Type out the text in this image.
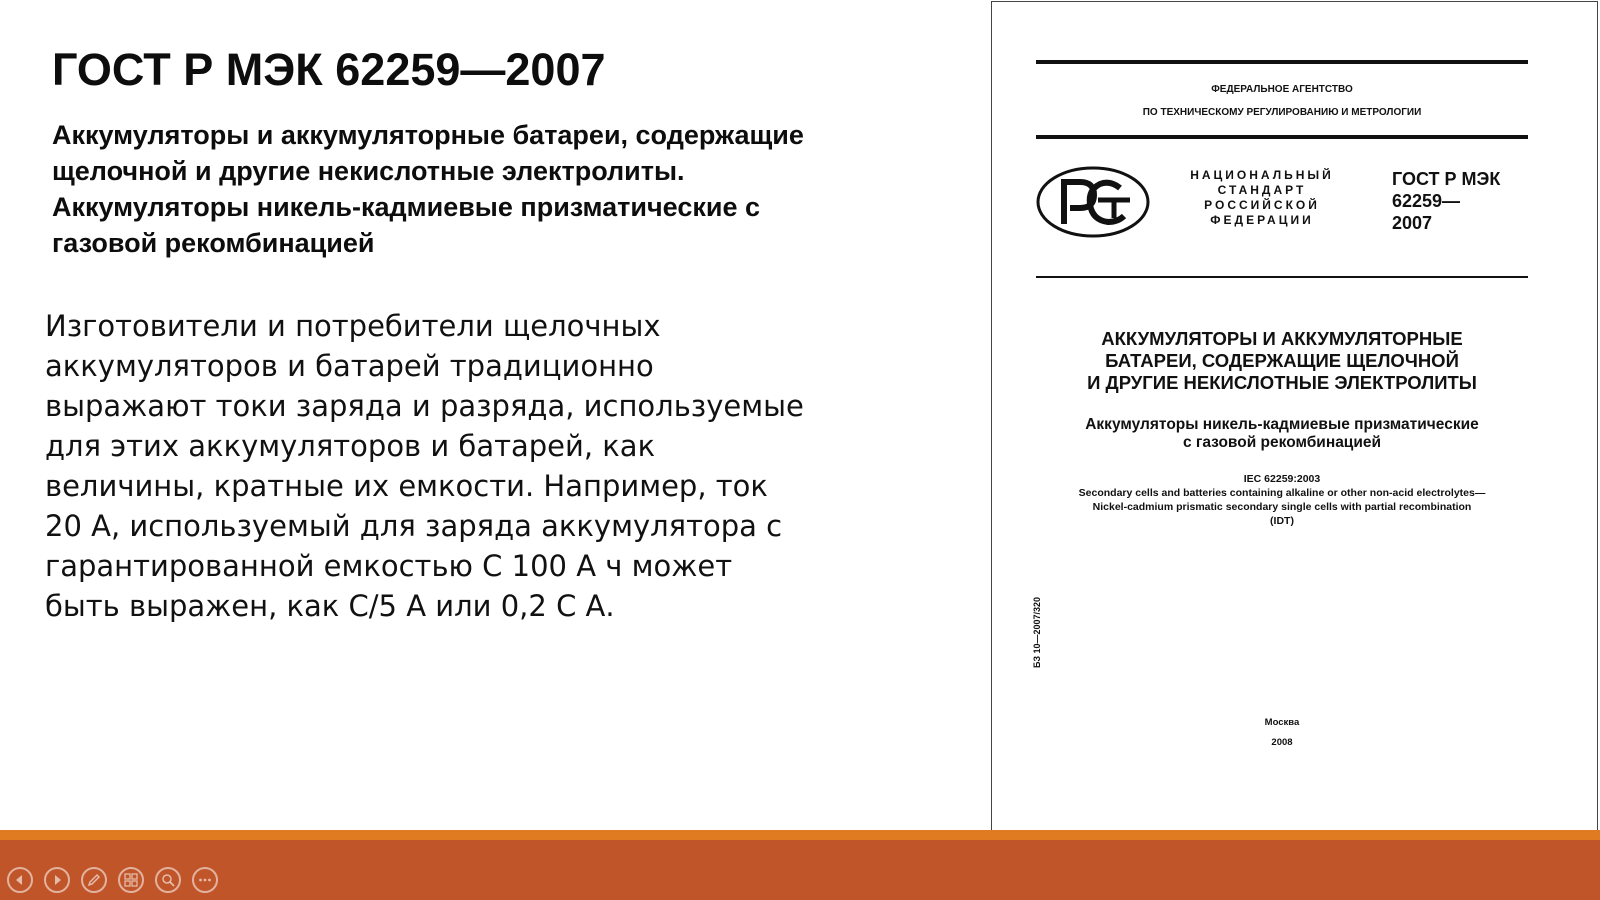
ГОСТ Р МЭК 62259—2007

Аккумуляторы и аккумуляторные батареи, содержащие щелочной и другие некислотные электролиты. Аккумуляторы никель-кадмиевые призматические с газовой рекомбинацией

Изготовители и потребители щелочных аккумуляторов и батарей традиционно выражают токи заряда и разряда, используемые для этих аккумуляторов и батарей, как величины, кратные их емкости. Например, ток 20 А, используемый для заряда аккумулятора с гарантированной емкостью С 100 А ч может быть выражен, как С/5 А или 0,2 С А.

ФЕДЕРАЛЬНОЕ АГЕНТСТВО
ПО ТЕХНИЧЕСКОМУ РЕГУЛИРОВАНИЮ И МЕТРОЛОГИИ
НАЦИОНАЛЬНЫЙ
СТАНДАРТ
РОССИЙСКОЙ
ФЕДЕРАЦИИ
ГОСТ Р МЭК
62259—
2007
АККУМУЛЯТОРЫ И АККУМУЛЯТОРНЫЕ
БАТАРЕИ, СОДЕРЖАЩИЕ ЩЕЛОЧНОЙ
И ДРУГИЕ НЕКИСЛОТНЫЕ ЭЛЕКТРОЛИТЫ
Аккумуляторы никель-кадмиевые призматические
с газовой рекомбинацией
IEC 62259:2003
Secondary cells and batteries containing alkaline or other non-acid electrolytes—
Nickel-cadmium prismatic secondary single cells with partial recombination
(IDT)
Москва
2008
БЗ 10—2007/320
